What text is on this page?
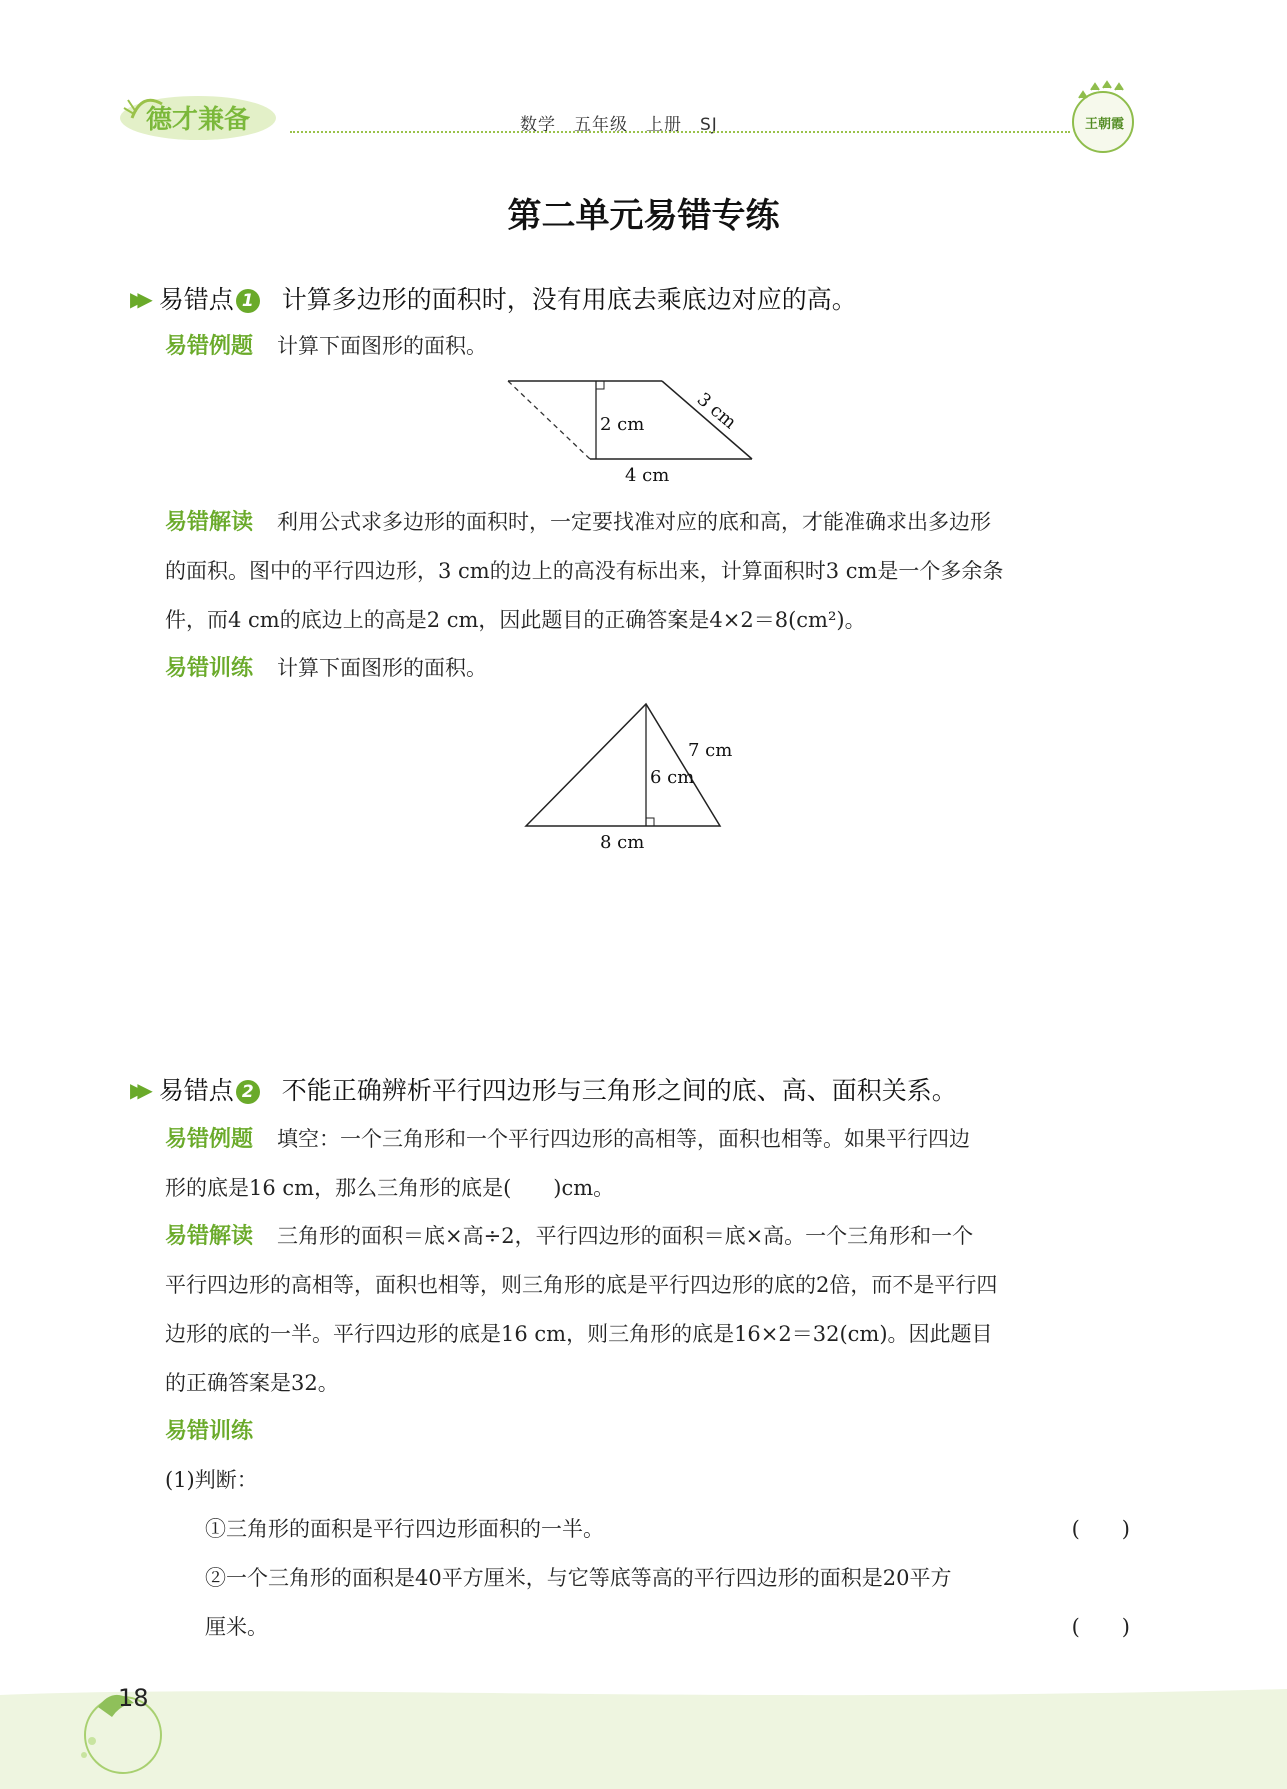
德才兼备	数学　五年级　上册　SJ	王朝霞
第二单元易错专练
▶▶ 易错点 1 计算多边形的面积时，没有用底去乘底边对应的高。
易错例题 计算下面图形的面积。
2 cm	3 cm
4 cm
易错解读 利用公式求多边形的面积时，一定要找准对应的底和高，才能准确求出多边形
的面积。图中的平行四边形，3 cm的边上的高没有标出来，计算面积时3 cm是一个多余条
件，而4 cm的底边上的高是2 cm，因此题目的正确答案是4×2＝8(cm²)。
易错训练 计算下面图形的面积。
6 cm
7 cm
8 cm
▶▶ 易错点 2 不能正确辨析平行四边形与三角形之间的底、高、面积关系。
易错例题 填空：一个三角形和一个平行四边形的高相等，面积也相等。如果平行四边
形的底是16 cm，那么三角形的底是(　　)cm。
易错解读 三角形的面积＝底×高÷2，平行四边形的面积＝底×高。一个三角形和一个
平行四边形的高相等，面积也相等，则三角形的底是平行四边形的底的2倍，而不是平行四
边形的底的一半。平行四边形的底是16 cm，则三角形的底是16×2＝32(cm)。因此题目
的正确答案是32。
易错训练
(1)判断：
①三角形的面积是平行四边形面积的一半。	(　　)
②一个三角形的面积是40平方厘米，与它等底等高的平行四边形的面积是20平方
厘米。	(　　)
18
